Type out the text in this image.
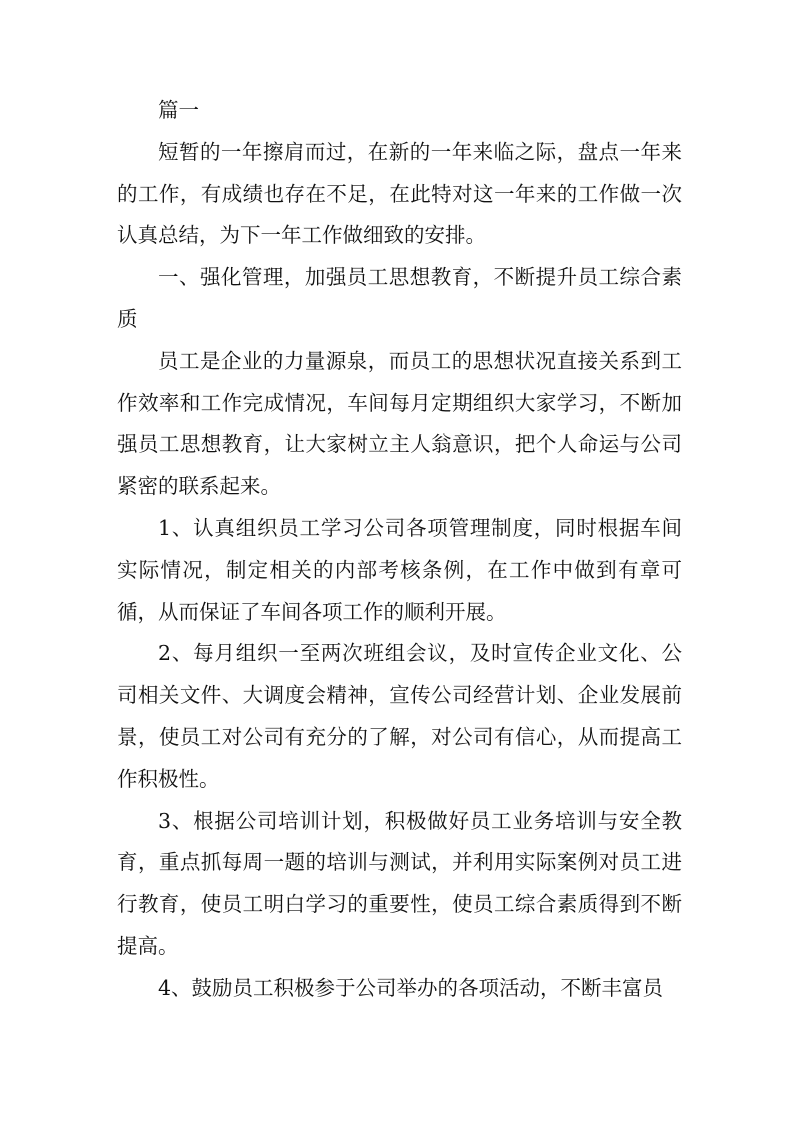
篇一

短暂的一年擦肩而过，在新的一年来临之际，盘点一年来的工作，有成绩也存在不足，在此特对这一年来的工作做一次认真总结，为下一年工作做细致的安排。

一、强化管理，加强员工思想教育，不断提升员工综合素质

员工是企业的力量源泉，而员工的思想状况直接关系到工作效率和工作完成情况，车间每月定期组织大家学习，不断加强员工思想教育，让大家树立主人翁意识，把个人命运与公司紧密的联系起来。

1、认真组织员工学习公司各项管理制度，同时根据车间实际情况，制定相关的内部考核条例，在工作中做到有章可循，从而保证了车间各项工作的顺利开展。

2、每月组织一至两次班组会议，及时宣传企业文化、公司相关文件、大调度会精神，宣传公司经营计划、企业发展前景，使员工对公司有充分的了解，对公司有信心，从而提高工作积极性。

3、根据公司培训计划，积极做好员工业务培训与安全教育，重点抓每周一题的培训与测试，并利用实际案例对员工进行教育，使员工明白学习的重要性，使员工综合素质得到不断提高。

4、鼓励员工积极参于公司举办的各项活动，不断丰富员
